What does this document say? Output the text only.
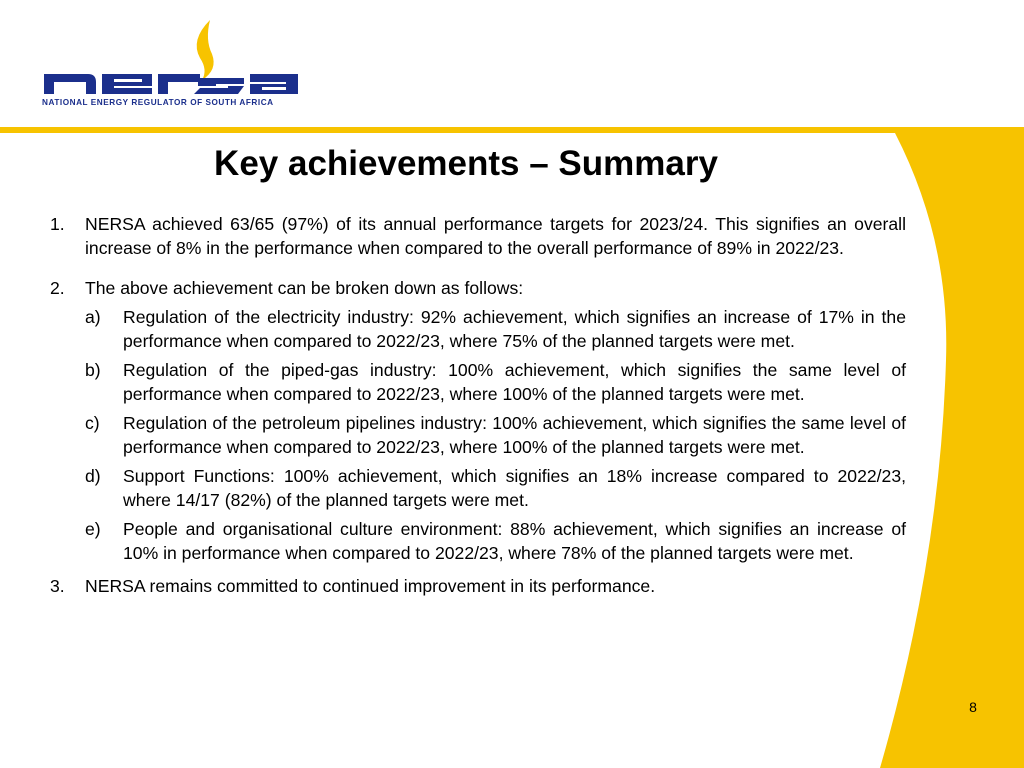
NATIONAL ENERGY REGULATOR OF SOUTH AFRICA
Key achievements – Summary
1. NERSA achieved 63/65 (97%) of its annual performance targets for 2023/24. This signifies an overall increase of 8% in the performance when compared to the overall performance of 89% in 2022/23.
2. The above achievement can be broken down as follows:
a) Regulation of the electricity industry: 92% achievement, which signifies an increase of 17% in the performance when compared to 2022/23, where 75% of the planned targets were met.
b) Regulation of the piped-gas industry: 100% achievement, which signifies the same level of performance when compared to 2022/23, where 100% of the planned targets were met.
c) Regulation of the petroleum pipelines industry: 100% achievement, which signifies the same level of performance when compared to 2022/23, where 100% of the planned targets were met.
d) Support Functions: 100% achievement, which signifies an 18% increase compared to 2022/23, where 14/17 (82%) of the planned targets were met.
e) People and organisational culture environment: 88% achievement, which signifies an increase of 10% in performance when compared to 2022/23, where 78% of the planned targets were met.
3. NERSA remains committed to continued improvement in its performance.
8
